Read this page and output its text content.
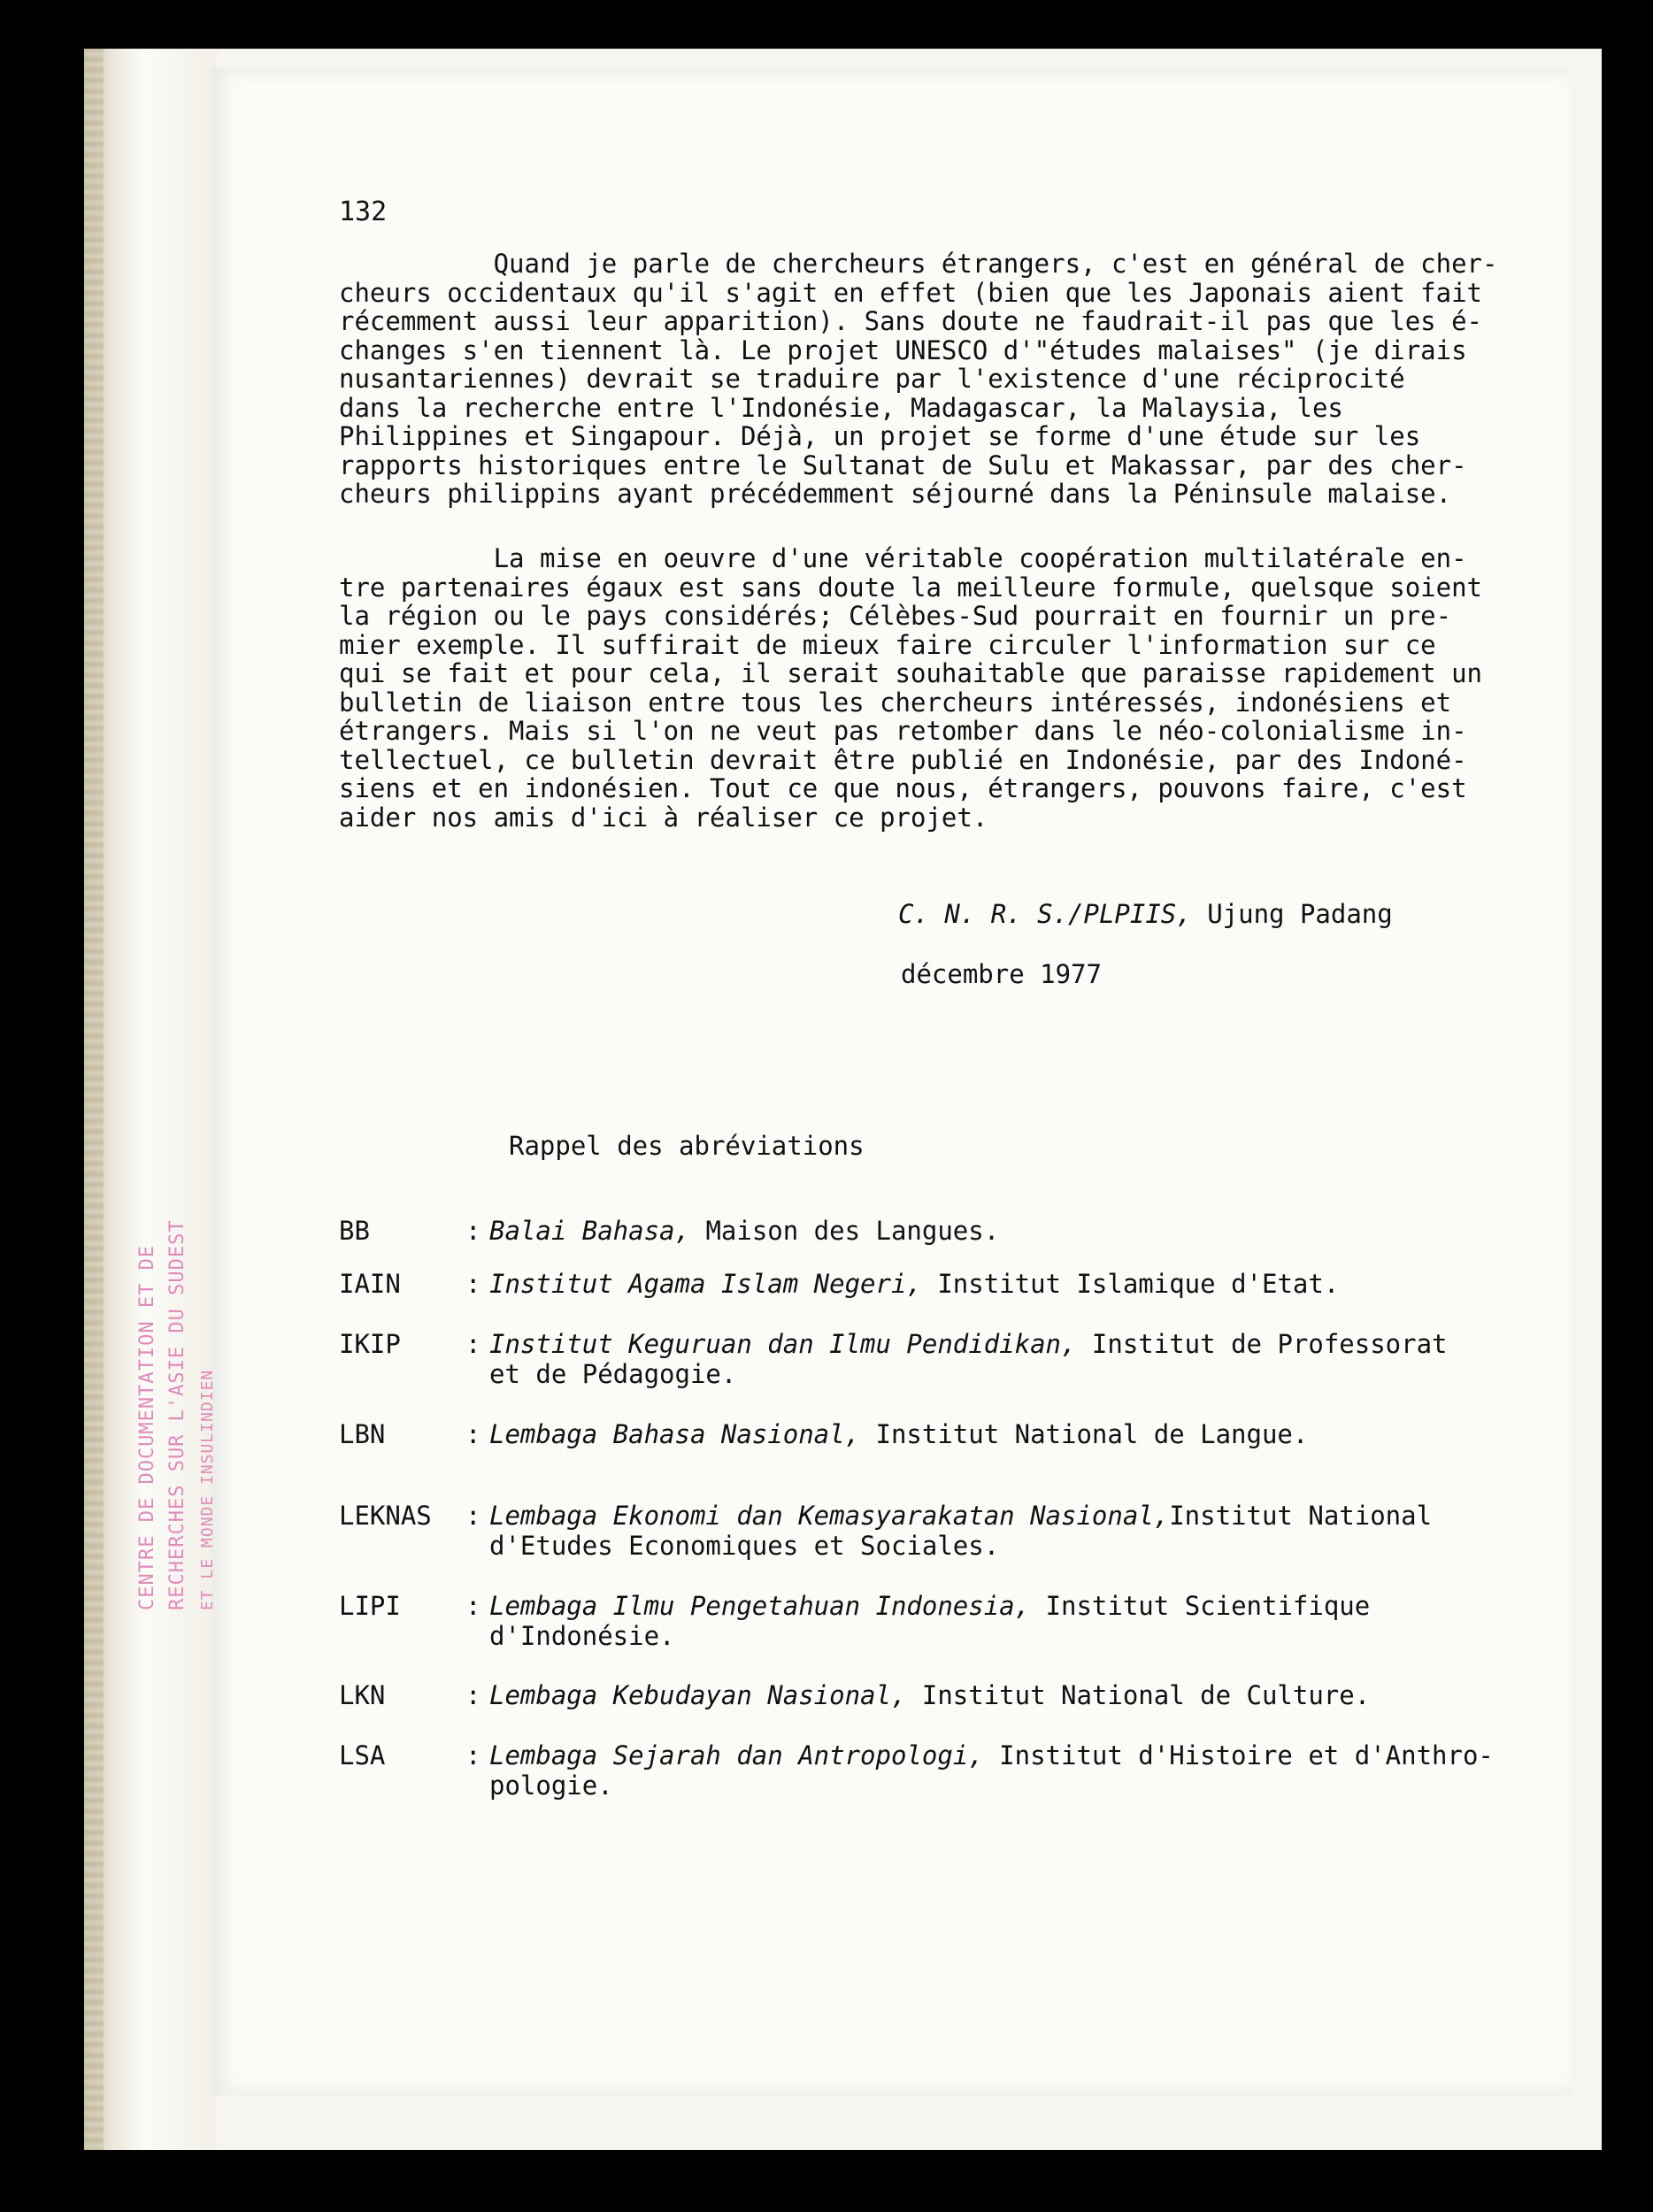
CENTRE DE DOCUMENTATION ET DE RECHERCHES SUR L'ASIE DU SUDEST ET LE MONDE INSULINDIEN
132
Quand je parle de chercheurs étrangers, c'est en général de cher-
cheurs occidentaux qu'il s'agit en effet (bien que les Japonais aient fait
récemment aussi leur apparition). Sans doute ne faudrait-il pas que les é-
changes s'en tiennent là. Le projet UNESCO d'"études malaises" (je dirais
nusantariennes) devrait se traduire par l'existence d'une réciprocité
dans la recherche entre l'Indonésie, Madagascar, la Malaysia, les
Philippines et Singapour. Déjà, un projet se forme d'une étude sur les
rapports historiques entre le Sultanat de Sulu et Makassar, par des cher-
cheurs philippins ayant précédemment séjourné dans la Péninsule malaise.
La mise en oeuvre d'une véritable coopération multilatérale en-
tre partenaires égaux est sans doute la meilleure formule, quelsque soient
la région ou le pays considérés; Célèbes-Sud pourrait en fournir un pre-
mier exemple. Il suffirait de mieux faire circuler l'information sur ce
qui se fait et pour cela, il serait souhaitable que paraisse rapidement un
bulletin de liaison entre tous les chercheurs intéressés, indonésiens et
étrangers. Mais si l'on ne veut pas retomber dans le néo-colonialisme in-
tellectuel, ce bulletin devrait être publié en Indonésie, par des Indoné-
siens et en indonésien. Tout ce que nous, étrangers, pouvons faire, c'est
aider nos amis d'ici à réaliser ce projet.
C. N. R. S./PLPIIS, Ujung Padang
décembre 1977
Rappel des abréviations
BB	: Balai Bahasa, Maison des Langues.
IAIN	: Institut Agama Islam Negeri, Institut Islamique d'Etat.
IKIP	: Institut Keguruan dan Ilmu Pendidikan, Institut de Professorat
et de Pédagogie.
LBN	: Lembaga Bahasa Nasional, Institut National de Langue.
LEKNAS	: Lembaga Ekonomi dan Kemasyarakatan Nasional,Institut National
d'Etudes Economiques et Sociales.
LIPI	: Lembaga Ilmu Pengetahuan Indonesia, Institut Scientifique
d'Indonésie.
LKN	: Lembaga Kebudayan Nasional, Institut National de Culture.
LSA	: Lembaga Sejarah dan Antropologi, Institut d'Histoire et d'Anthro-
pologie.
